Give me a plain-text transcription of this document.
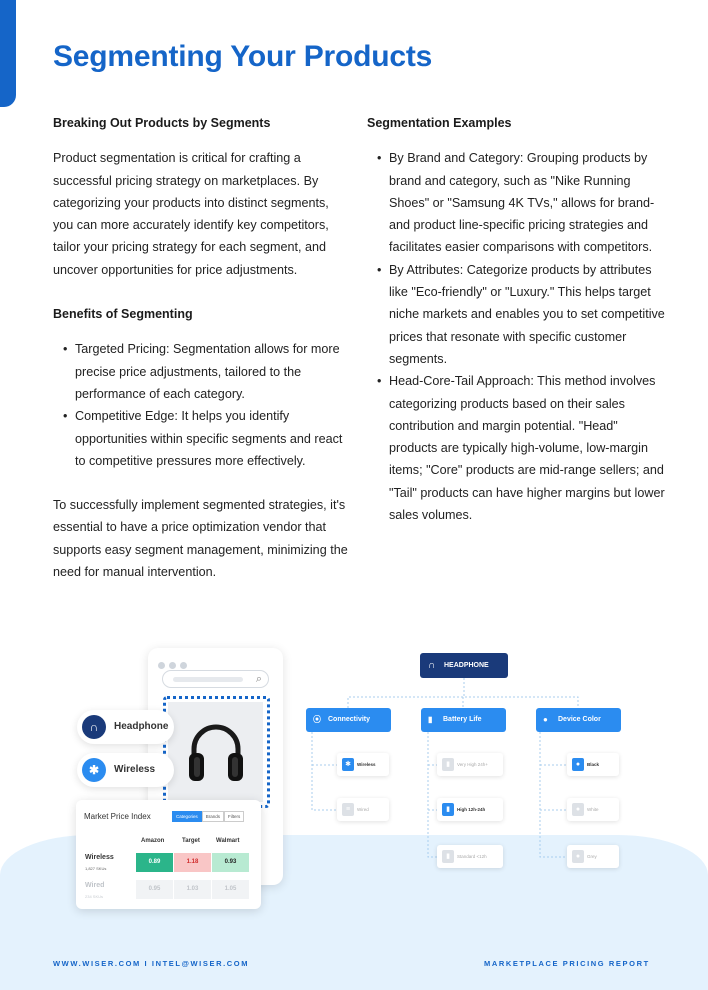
Segmenting Your Products
Breaking Out Products by Segments

Product segmentation is critical for crafting a successful pricing strategy on marketplaces. By categorizing your products into distinct segments, you can more accurately identify key competitors, tailor your pricing strategy for each segment, and uncover opportunities for price adjustments.

Benefits of Segmenting
• Targeted Pricing: Segmentation allows for more precise price adjustments, tailored to the performance of each category.
• Competitive Edge: It helps you identify opportunities within specific segments and react to competitive pressures more effectively.

To successfully implement segmented strategies, it's essential to have a price optimization vendor that supports easy segment management, minimizing the need for manual intervention.

Segmentation Examples
• By Brand and Category: Grouping products by brand and category, such as "Nike Running Shoes" or "Samsung 4K TVs," allows for brand- and product line-specific pricing strategies and facilitates easier comparisons with competitors.
• By Attributes: Categorize products by attributes like "Eco-friendly" or "Luxury." This helps target niche markets and enables you to set competitive prices that resonate with specific customer segments.
• Head-Core-Tail Approach: This method involves categorizing products based on their sales contribution and margin potential. "Head" products are typically high-volume, low-margin items; "Core" products are mid-range sellers; and "Tail" products can have higher margins but lower sales volumes.
⌕
∩	Headphone
✱	Wireless
Market Price Index	Categories Brands Filters
Amazon	Target	Walmart
Wireless
1,827 SKUs
0.89	1.18	0.93
Wired
234 SKUs
0.95	1.03	1.05
∩ HEADPHONE
⦿ Connectivity	▮ Battery Life	● Device Color
✱	Wireless
≡	Wired
▮	Very High 24h+
▮	High 12h-24h
▮	Standard <12h
●	Black
●	White
●	Grey
WWW.WISER.COM I INTEL@WISER.COM	MARKETPLACE PRICING REPORT
